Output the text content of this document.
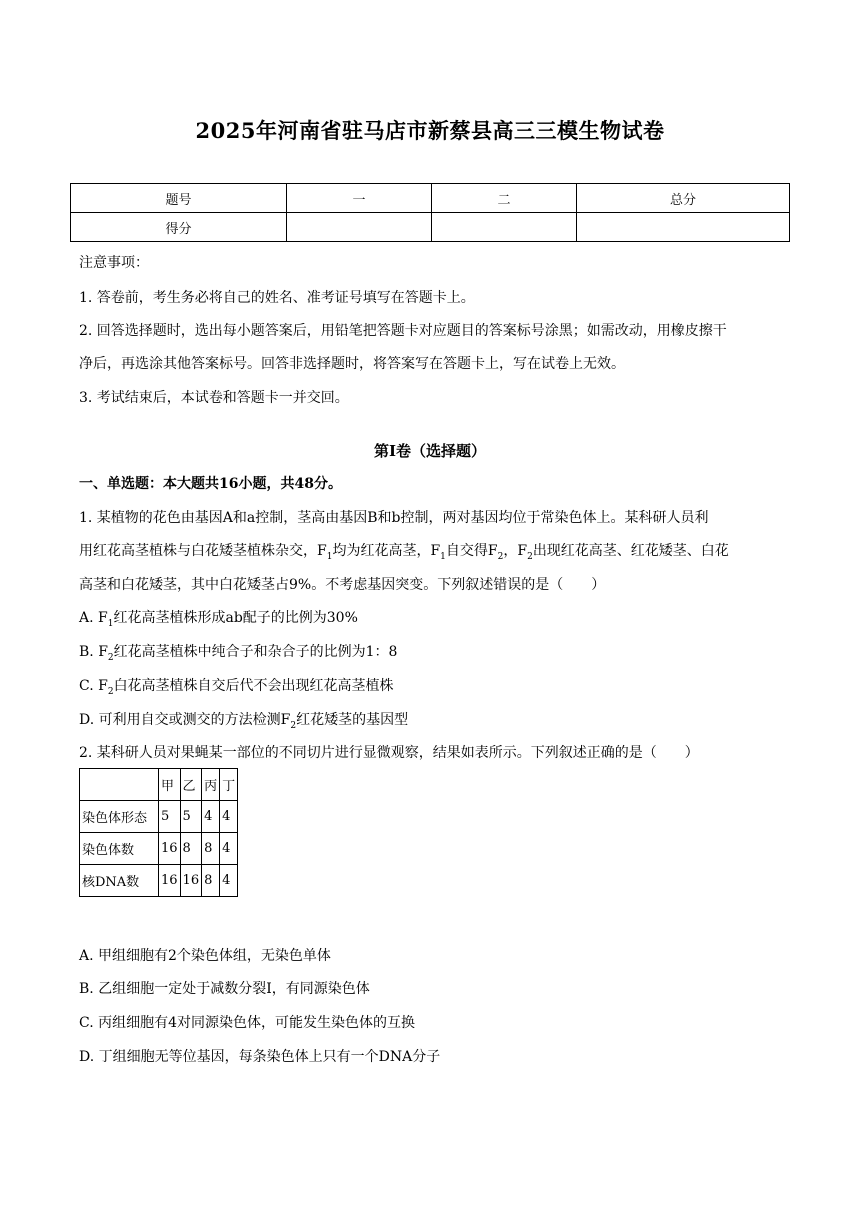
2025年河南省驻马店市新蔡县高三三模生物试卷
题号	一	二	总分
得分			
注意事项：
1. 答卷前，考生务必将自己的姓名、准考证号填写在答题卡上。
2. 回答选择题时，选出每小题答案后，用铅笔把答题卡对应题目的答案标号涂黑；如需改动，用橡皮擦干
净后，再选涂其他答案标号。回答非选择题时，将答案写在答题卡上，写在试卷上无效。
3. 考试结束后，本试卷和答题卡一并交回。
第Ⅰ卷（选择题）
一、单选题：本大题共16小题，共48分。
1. 某植物的花色由基因A和a控制，茎高由基因B和b控制，两对基因均位于常染色体上。某科研人员利
用红花高茎植株与白花矮茎植株杂交，$F_1$均为红花高茎，$F_1$自交得$F_2$，$F_2$出现红花高茎、红花矮茎、白花
高茎和白花矮茎，其中白花矮茎占9%。不考虑基因突变。下列叙述错误的是（　　）
A. $F_1$红花高茎植株形成ab配子的比例为30%
B. $F_2$红花高茎植株中纯合子和杂合子的比例为1：8
C. $F_2$白花高茎植株自交后代不会出现红花高茎植株
D. 可利用自交或测交的方法检测$F_2$红花矮茎的基因型
2. 某科研人员对果蝇某一部位的不同切片进行显微观察，结果如表所示。下列叙述正确的是（　　）
	甲	乙	丙	丁
染色体形态	5	5	4	4
染色体数	16	8	8	4
核DNA数	16	16	8	4
A. 甲组细胞有2个染色体组，无染色单体
B. 乙组细胞一定处于减数分裂Ⅰ，有同源染色体
C. 丙组细胞有4对同源染色体，可能发生染色体的互换
D. 丁组细胞无等位基因，每条染色体上只有一个DNA分子
